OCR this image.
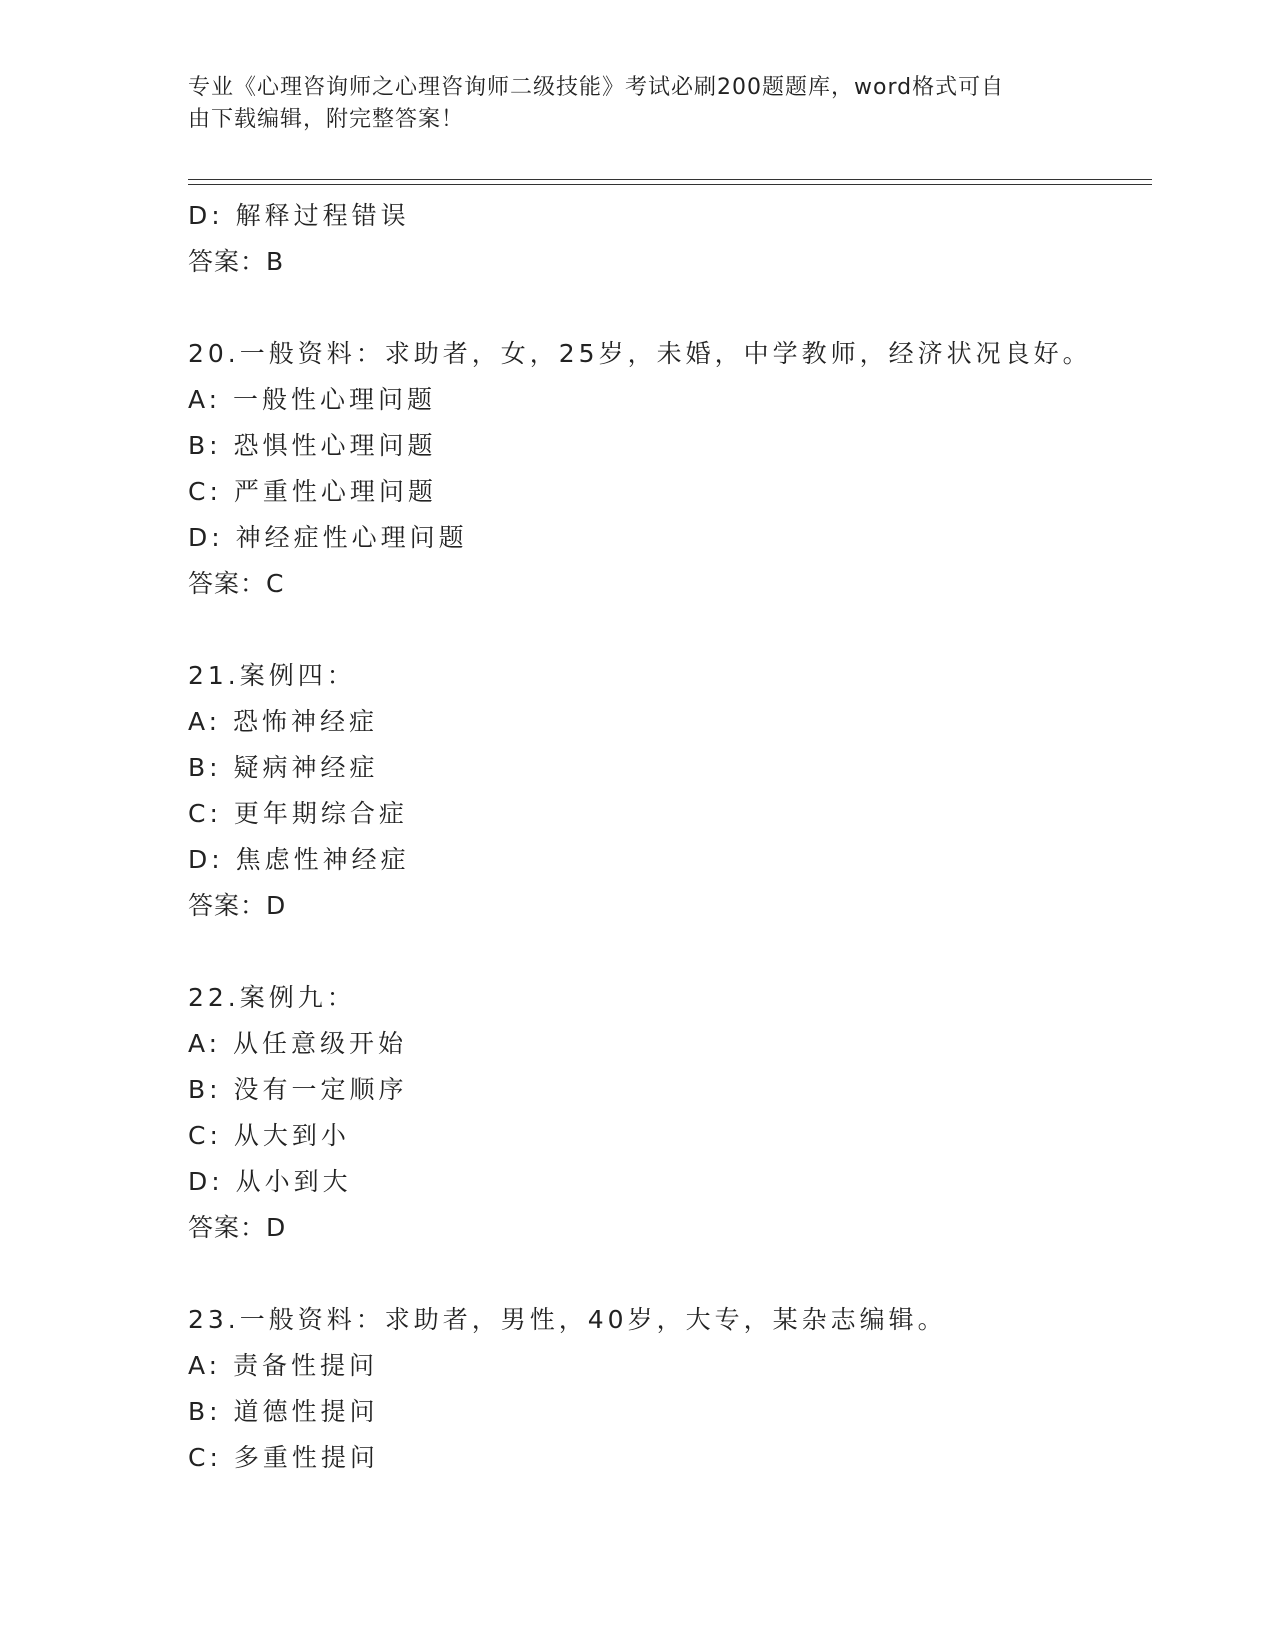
专业《心理咨询师之心理咨询师二级技能》考试必刷200题题库，word格式可自
由下载编辑，附完整答案！
D: 解释过程错误
答案：B
20.一般资料：求助者，女，25岁，未婚，中学教师，经济状况良好。
A: 一般性心理问题
B: 恐惧性心理问题
C: 严重性心理问题
D: 神经症性心理问题
答案：C
21.案例四：
A: 恐怖神经症
B: 疑病神经症
C: 更年期综合症
D: 焦虑性神经症
答案：D
22.案例九：
A: 从任意级开始
B: 没有一定顺序
C: 从大到小
D: 从小到大
答案：D
23.一般资料：求助者，男性，40岁，大专，某杂志编辑。
A: 责备性提问
B: 道德性提问
C: 多重性提问
